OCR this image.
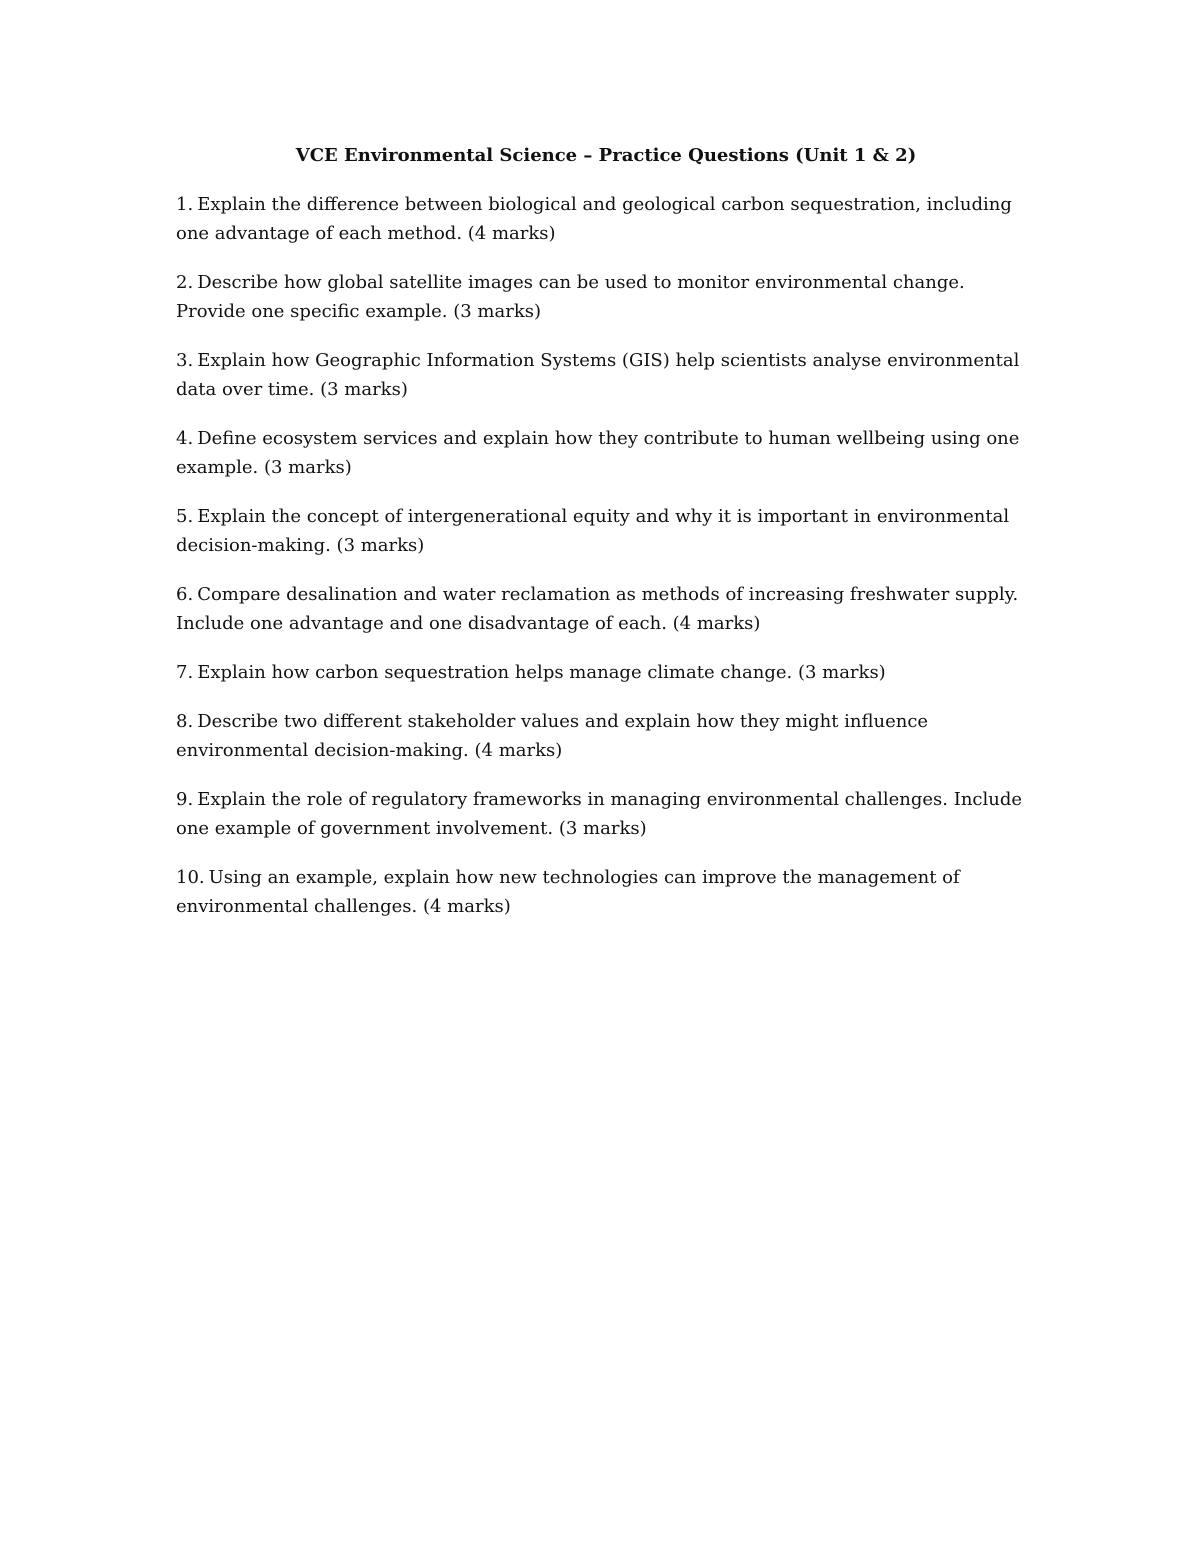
VCE Environmental Science – Practice Questions (Unit 1 & 2)
1. Explain the difference between biological and geological carbon sequestration, including one advantage of each method. (4 marks)
2. Describe how global satellite images can be used to monitor environmental change. Provide one specific example. (3 marks)
3. Explain how Geographic Information Systems (GIS) help scientists analyse environmental data over time. (3 marks)
4. Define ecosystem services and explain how they contribute to human wellbeing using one example. (3 marks)
5. Explain the concept of intergenerational equity and why it is important in environmental decision-making. (3 marks)
6. Compare desalination and water reclamation as methods of increasing freshwater supply. Include one advantage and one disadvantage of each. (4 marks)
7. Explain how carbon sequestration helps manage climate change. (3 marks)
8. Describe two different stakeholder values and explain how they might influence environmental decision-making. (4 marks)
9. Explain the role of regulatory frameworks in managing environmental challenges. Include one example of government involvement. (3 marks)
10. Using an example, explain how new technologies can improve the management of environmental challenges. (4 marks)
